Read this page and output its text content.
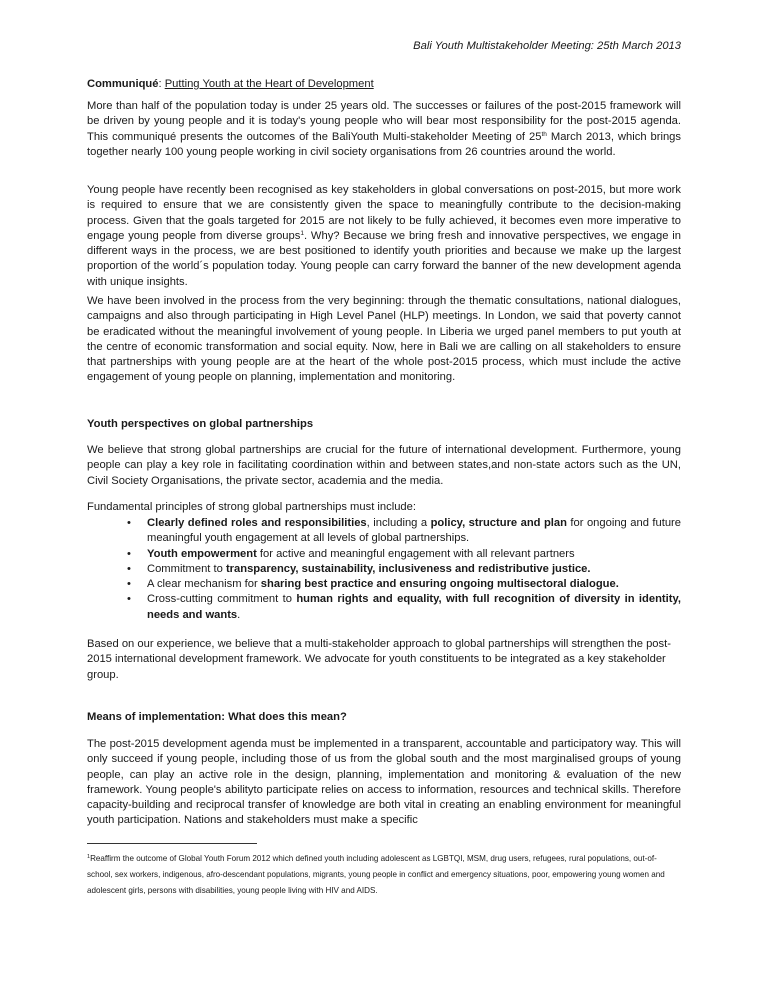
Bali Youth Multistakeholder Meeting: 25th March 2013

Communiqué: Putting Youth at the Heart of Development

More than half of the population today is under 25 years old. The successes or failures of the post-2015 framework will be driven by young people and it is today's young people who will bear most responsibility for the post-2015 agenda. This communiqué presents the outcomes of the BaliYouth Multi-stakeholder Meeting of 25th March 2013, which brings together nearly 100 young people working in civil society organisations from 26 countries around the world.

Young people have recently been recognised as key stakeholders in global conversations on post-2015, but more work is required to ensure that we are consistently given the space to meaningfully contribute to the decision-making process. Given that the goals targeted for 2015 are not likely to be fully achieved, it becomes even more imperative to engage young people from diverse groups$^1$. Why? Because we bring fresh and innovative perspectives, we engage in different ways in the process, we are best positioned to identify youth priorities and because we make up the largest proportion of the world´s population today. Young people can carry forward the banner of the new development agenda with unique insights.

We have been involved in the process from the very beginning: through the thematic consultations, national dialogues, campaigns and also through participating in High Level Panel (HLP) meetings. In London, we said that poverty cannot be eradicated without the meaningful involvement of young people. In Liberia we urged panel members to put youth at the centre of economic transformation and social equity. Now, here in Bali we are calling on all stakeholders to ensure that partnerships with young people are at the heart of the whole post-2015 process, which must include the active engagement of young people on planning, implementation and monitoring.

Youth perspectives on global partnerships

We believe that strong global partnerships are crucial for the future of international development. Furthermore, young people can play a key role in facilitating coordination within and between states,and non-state actors such as the UN, Civil Society Organisations, the private sector, academia and the media.

Fundamental principles of strong global partnerships must include:

• Clearly defined roles and responsibilities, including a policy, structure and plan for ongoing and future meaningful youth engagement at all levels of global partnerships.
• Youth empowerment for active and meaningful engagement with all relevant partners
• Commitment to transparency, sustainability, inclusiveness and redistributive justice.
• A clear mechanism for sharing best practice and ensuring ongoing multisectoral dialogue.
• Cross-cutting commitment to human rights and equality, with full recognition of diversity in identity, needs and wants.

Based on our experience, we believe that a multi-stakeholder approach to global partnerships will strengthen the post-2015 international development framework. We advocate for youth constituents to be integrated as a key stakeholder group.

Means of implementation: What does this mean?

The post-2015 development agenda must be implemented in a transparent, accountable and participatory way. This will only succeed if young people, including those of us from the global south and the most marginalised groups of young people, can play an active role in the design, planning, implementation and monitoring & evaluation of the new framework. Young people's abilityto participate relies on access to information, resources and technical skills. Therefore capacity-building and reciprocal transfer of knowledge are both vital in creating an enabling environment for meaningful youth participation. Nations and stakeholders must make a specific

$^1$Reaffirm the outcome of Global Youth Forum 2012 which defined youth including adolescent as LGBTQI, MSM, drug users, refugees, rural populations, out-of-school, sex workers, indigenous, afro-descendant populations, migrants, young people in conflict and emergency situations, poor, empowering young women and adolescent girls, persons with disabilities, young people living with HIV and AIDS.
